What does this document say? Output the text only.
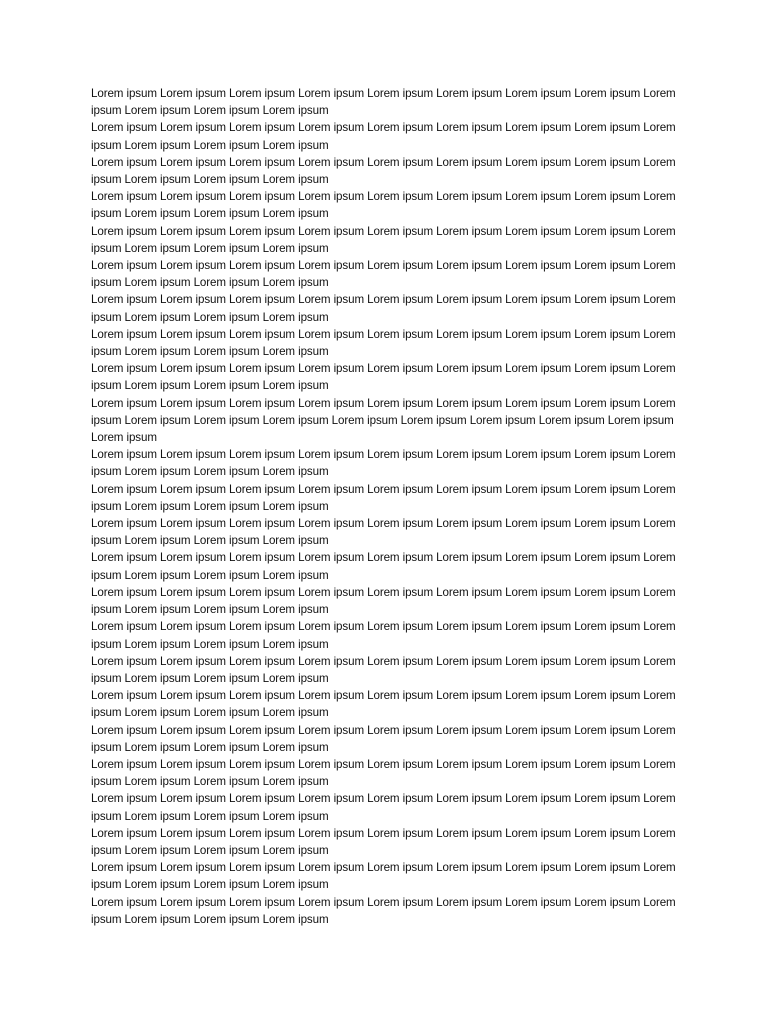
Lorem ipsum Lorem ipsum Lorem ipsum Lorem ipsum Lorem ipsum Lorem ipsum Lorem ipsum Lorem ipsum Lorem ipsum Lorem ipsum Lorem ipsum Lorem ipsum

Lorem ipsum Lorem ipsum Lorem ipsum Lorem ipsum Lorem ipsum Lorem ipsum Lorem ipsum Lorem ipsum Lorem ipsum Lorem ipsum Lorem ipsum Lorem ipsum

Lorem ipsum Lorem ipsum Lorem ipsum Lorem ipsum Lorem ipsum Lorem ipsum Lorem ipsum Lorem ipsum Lorem ipsum Lorem ipsum Lorem ipsum Lorem ipsum

Lorem ipsum Lorem ipsum Lorem ipsum Lorem ipsum Lorem ipsum Lorem ipsum Lorem ipsum Lorem ipsum Lorem ipsum Lorem ipsum Lorem ipsum Lorem ipsum

Lorem ipsum Lorem ipsum Lorem ipsum Lorem ipsum Lorem ipsum Lorem ipsum Lorem ipsum Lorem ipsum Lorem ipsum Lorem ipsum Lorem ipsum Lorem ipsum

Lorem ipsum Lorem ipsum Lorem ipsum Lorem ipsum Lorem ipsum Lorem ipsum Lorem ipsum Lorem ipsum Lorem ipsum Lorem ipsum Lorem ipsum Lorem ipsum

Lorem ipsum Lorem ipsum Lorem ipsum Lorem ipsum Lorem ipsum Lorem ipsum Lorem ipsum Lorem ipsum Lorem ipsum Lorem ipsum Lorem ipsum Lorem ipsum

Lorem ipsum Lorem ipsum Lorem ipsum Lorem ipsum Lorem ipsum Lorem ipsum Lorem ipsum Lorem ipsum Lorem ipsum Lorem ipsum Lorem ipsum Lorem ipsum

Lorem ipsum Lorem ipsum Lorem ipsum Lorem ipsum Lorem ipsum Lorem ipsum Lorem ipsum Lorem ipsum Lorem ipsum Lorem ipsum Lorem ipsum Lorem ipsum

Lorem ipsum Lorem ipsum Lorem ipsum Lorem ipsum Lorem ipsum Lorem ipsum Lorem ipsum Lorem ipsum Lorem ipsum Lorem ipsum Lorem ipsum Lorem ipsum Lorem ipsum Lorem ipsum Lorem ipsum Lorem ipsum Lorem ipsum Lorem ipsum

Lorem ipsum Lorem ipsum Lorem ipsum Lorem ipsum Lorem ipsum Lorem ipsum Lorem ipsum Lorem ipsum Lorem ipsum Lorem ipsum Lorem ipsum Lorem ipsum

Lorem ipsum Lorem ipsum Lorem ipsum Lorem ipsum Lorem ipsum Lorem ipsum Lorem ipsum Lorem ipsum Lorem ipsum Lorem ipsum Lorem ipsum Lorem ipsum

Lorem ipsum Lorem ipsum Lorem ipsum Lorem ipsum Lorem ipsum Lorem ipsum Lorem ipsum Lorem ipsum Lorem ipsum Lorem ipsum Lorem ipsum Lorem ipsum

Lorem ipsum Lorem ipsum Lorem ipsum Lorem ipsum Lorem ipsum Lorem ipsum Lorem ipsum Lorem ipsum Lorem ipsum Lorem ipsum Lorem ipsum Lorem ipsum

Lorem ipsum Lorem ipsum Lorem ipsum Lorem ipsum Lorem ipsum Lorem ipsum Lorem ipsum Lorem ipsum Lorem ipsum Lorem ipsum Lorem ipsum Lorem ipsum

Lorem ipsum Lorem ipsum Lorem ipsum Lorem ipsum Lorem ipsum Lorem ipsum Lorem ipsum Lorem ipsum Lorem ipsum Lorem ipsum Lorem ipsum Lorem ipsum

Lorem ipsum Lorem ipsum Lorem ipsum Lorem ipsum Lorem ipsum Lorem ipsum Lorem ipsum Lorem ipsum Lorem ipsum Lorem ipsum Lorem ipsum Lorem ipsum

Lorem ipsum Lorem ipsum Lorem ipsum Lorem ipsum Lorem ipsum Lorem ipsum Lorem ipsum Lorem ipsum Lorem ipsum Lorem ipsum Lorem ipsum Lorem ipsum

Lorem ipsum Lorem ipsum Lorem ipsum Lorem ipsum Lorem ipsum Lorem ipsum Lorem ipsum Lorem ipsum Lorem ipsum Lorem ipsum Lorem ipsum Lorem ipsum

Lorem ipsum Lorem ipsum Lorem ipsum Lorem ipsum Lorem ipsum Lorem ipsum Lorem ipsum Lorem ipsum Lorem ipsum Lorem ipsum Lorem ipsum Lorem ipsum

Lorem ipsum Lorem ipsum Lorem ipsum Lorem ipsum Lorem ipsum Lorem ipsum Lorem ipsum Lorem ipsum Lorem ipsum Lorem ipsum Lorem ipsum Lorem ipsum

Lorem ipsum Lorem ipsum Lorem ipsum Lorem ipsum Lorem ipsum Lorem ipsum Lorem ipsum Lorem ipsum Lorem ipsum Lorem ipsum Lorem ipsum Lorem ipsum

Lorem ipsum Lorem ipsum Lorem ipsum Lorem ipsum Lorem ipsum Lorem ipsum Lorem ipsum Lorem ipsum Lorem ipsum Lorem ipsum Lorem ipsum Lorem ipsum

Lorem ipsum Lorem ipsum Lorem ipsum Lorem ipsum Lorem ipsum Lorem ipsum Lorem ipsum Lorem ipsum Lorem ipsum Lorem ipsum Lorem ipsum Lorem ipsum
